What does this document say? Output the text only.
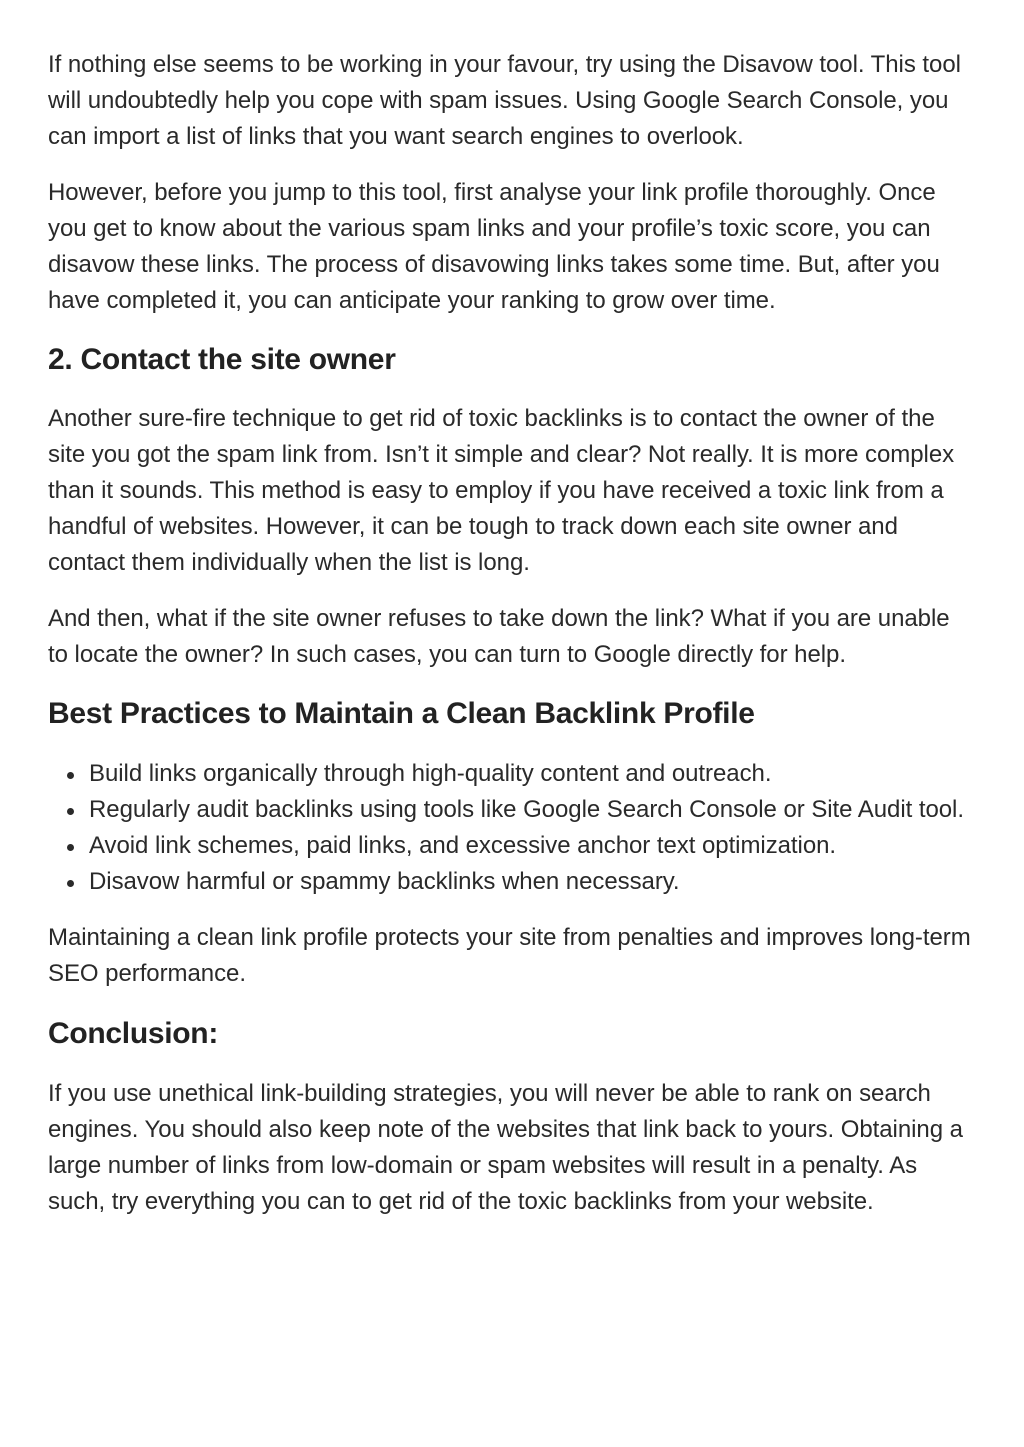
If nothing else seems to be working in your favour, try using the Disavow tool. This tool will undoubtedly help you cope with spam issues. Using Google Search Console, you can import a list of links that you want search engines to overlook.

However, before you jump to this tool, first analyse your link profile thoroughly. Once you get to know about the various spam links and your profile’s toxic score, you can disavow these links. The process of disavowing links takes some time. But, after you have completed it, you can anticipate your ranking to grow over time.

2. Contact the site owner

Another sure-fire technique to get rid of toxic backlinks is to contact the owner of the site you got the spam link from. Isn’t it simple and clear? Not really. It is more complex than it sounds. This method is easy to employ if you have received a toxic link from a handful of websites. However, it can be tough to track down each site owner and contact them individually when the list is long.

And then, what if the site owner refuses to take down the link? What if you are unable to locate the owner? In such cases, you can turn to Google directly for help.

Best Practices to Maintain a Clean Backlink Profile
Build links organically through high-quality content and outreach.
Regularly audit backlinks using tools like Google Search Console or Site Audit tool.
Avoid link schemes, paid links, and excessive anchor text optimization.
Disavow harmful or spammy backlinks when necessary.

Maintaining a clean link profile protects your site from penalties and improves long-term SEO performance.

Conclusion:

If you use unethical link-building strategies, you will never be able to rank on search engines. You should also keep note of the websites that link back to yours. Obtaining a large number of links from low-domain or spam websites will result in a penalty. As such, try everything you can to get rid of the toxic backlinks from your website.
